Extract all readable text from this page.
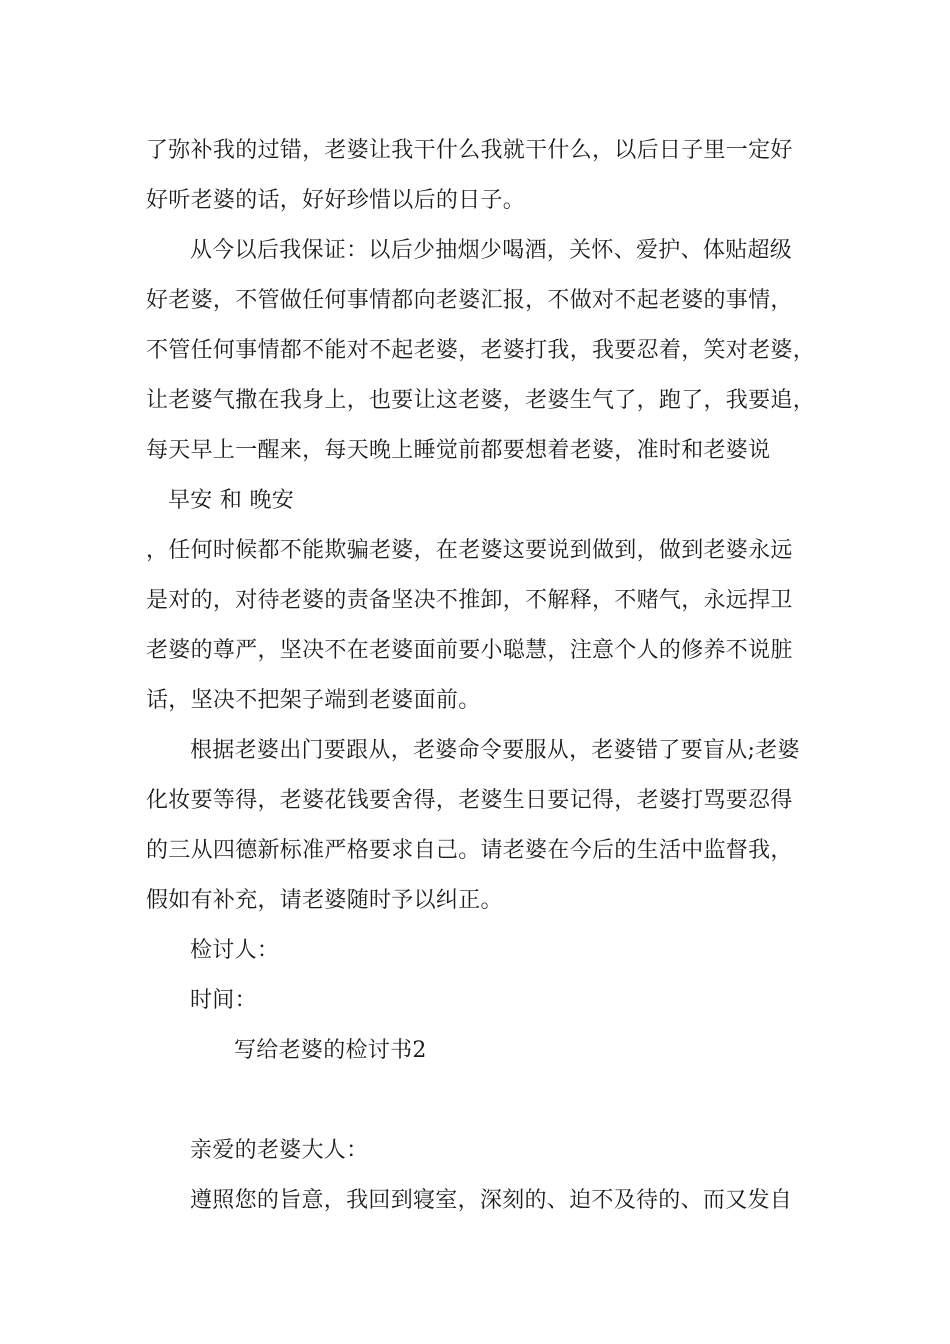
了弥补我的过错，老婆让我干什么我就干什么，以后日子里一定好
好听老婆的话，好好珍惜以后的日子。
从今以后我保证：以后少抽烟少喝酒，关怀、爱护、体贴超级
好老婆，不管做任何事情都向老婆汇报，不做对不起老婆的事情，
不管任何事情都不能对不起老婆，老婆打我，我要忍着，笑对老婆，
让老婆气撒在我身上，也要让这老婆，老婆生气了，跑了，我要追，
每天早上一醒来，每天晚上睡觉前都要想着老婆，准时和老婆说
早安 和 晚安
，任何时候都不能欺骗老婆，在老婆这要说到做到，做到老婆永远
是对的，对待老婆的责备坚决不推卸，不解释，不赌气，永远捍卫
老婆的尊严，坚决不在老婆面前要小聪慧，注意个人的修养不说脏
话，坚决不把架子端到老婆面前。
根据老婆出门要跟从，老婆命令要服从，老婆错了要盲从;老婆
化妆要等得，老婆花钱要舍得，老婆生日要记得，老婆打骂要忍得
的三从四德新标准严格要求自己。请老婆在今后的生活中监督我，
假如有补充，请老婆随时予以纠正。
检讨人：
时间：
写给老婆的检讨书2
亲爱的老婆大人：
遵照您的旨意，我回到寝室，深刻的、迫不及待的、而又发自
